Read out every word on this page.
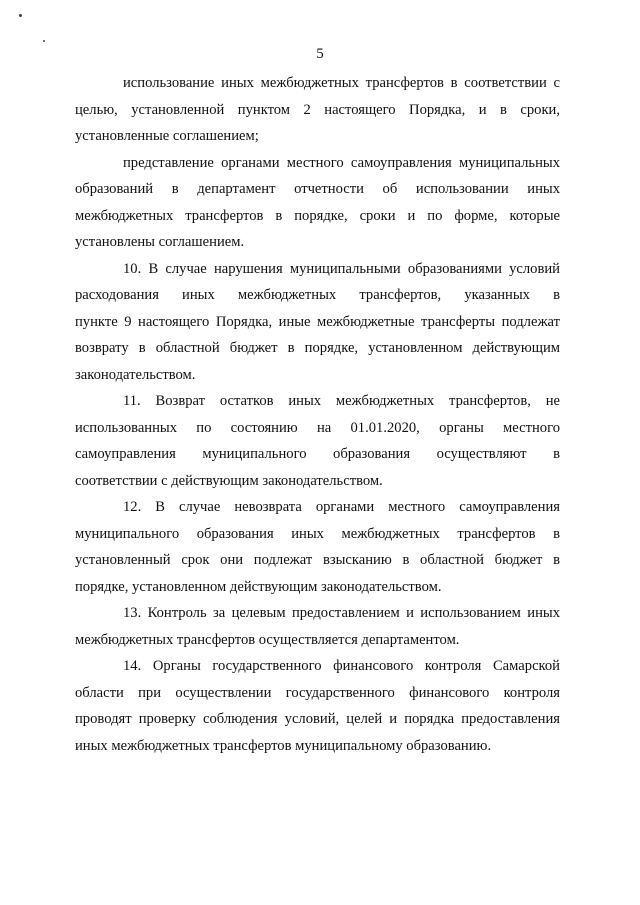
5
использование иных межбюджетных трансфертов в соответствии с
целью, установленной пунктом 2 настоящего Порядка, и в сроки,
установленные соглашением;
представление органами местного самоуправления муниципальных
образований в департамент отчетности об использовании иных
межбюджетных трансфертов в порядке, сроки и по форме, которые
установлены соглашением.
10. В случае нарушения муниципальными образованиями условий
расходования иных межбюджетных трансфертов, указанных в
пункте 9 настоящего Порядка, иные межбюджетные трансферты подлежат
возврату в областной бюджет в порядке, установленном действующим
законодательством.
11. Возврат остатков иных межбюджетных трансфертов, не
использованных по состоянию на 01.01.2020, органы местного
самоуправления муниципального образования осуществляют в
соответствии с действующим законодательством.
12. В случае невозврата органами местного самоуправления
муниципального образования иных межбюджетных трансфертов в
установленный срок они подлежат взысканию в областной бюджет в
порядке, установленном действующим законодательством.
13. Контроль за целевым предоставлением и использованием иных
межбюджетных трансфертов осуществляется департаментом.
14. Органы государственного финансового контроля Самарской
области при осуществлении государственного финансового контроля
проводят проверку соблюдения условий, целей и порядка предоставления
иных межбюджетных трансфертов муниципальному образованию.
